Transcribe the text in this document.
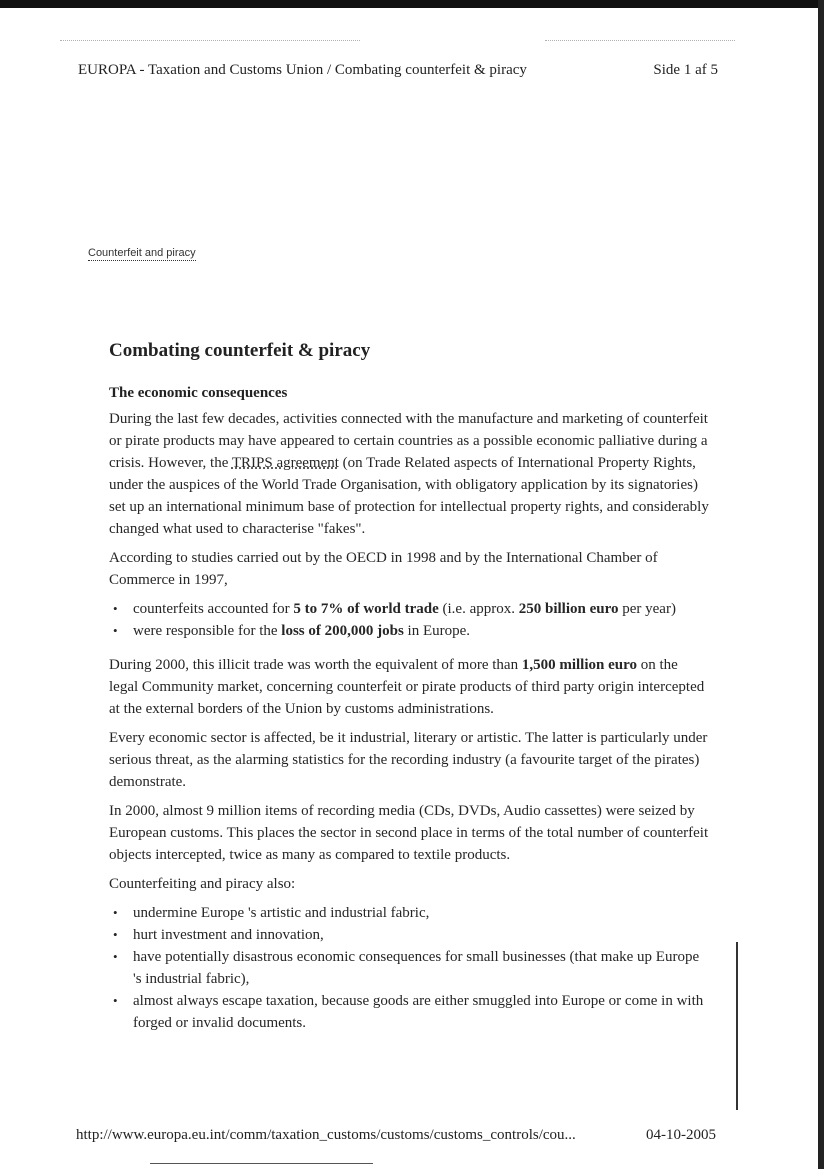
EUROPA - Taxation and Customs Union / Combating counterfeit & piracy	Side 1 af 5
Counterfeit and piracy
Combating counterfeit & piracy
The economic consequences

During the last few decades, activities connected with the manufacture and marketing of counterfeit or pirate products may have appeared to certain countries as a possible economic palliative during a crisis. However, the TRIPS agreement (on Trade Related aspects of International Property Rights, under the auspices of the World Trade Organisation, with obligatory application by its signatories) set up an international minimum base of protection for intellectual property rights, and considerably changed what used to characterise "fakes".

According to studies carried out by the OECD in 1998 and by the International Chamber of Commerce in 1997,

• counterfeits accounted for 5 to 7% of world trade (i.e. approx. 250 billion euro per year)
• were responsible for the loss of 200,000 jobs in Europe.

During 2000, this illicit trade was worth the equivalent of more than 1,500 million euro on the legal Community market, concerning counterfeit or pirate products of third party origin intercepted at the external borders of the Union by customs administrations.

Every economic sector is affected, be it industrial, literary or artistic. The latter is particularly under serious threat, as the alarming statistics for the recording industry (a favourite target of the pirates) demonstrate.

In 2000, almost 9 million items of recording media (CDs, DVDs, Audio cassettes) were seized by European customs. This places the sector in second place in terms of the total number of counterfeit objects intercepted, twice as many as compared to textile products.

Counterfeiting and piracy also:

• undermine Europe 's artistic and industrial fabric,
• hurt investment and innovation,
• have potentially disastrous economic consequences for small businesses (that make up Europe 's industrial fabric),
• almost always escape taxation, because goods are either smuggled into Europe or come in with forged or invalid documents.
http://www.europa.eu.int/comm/taxation_customs/customs/customs_controls/cou...	04-10-2005
